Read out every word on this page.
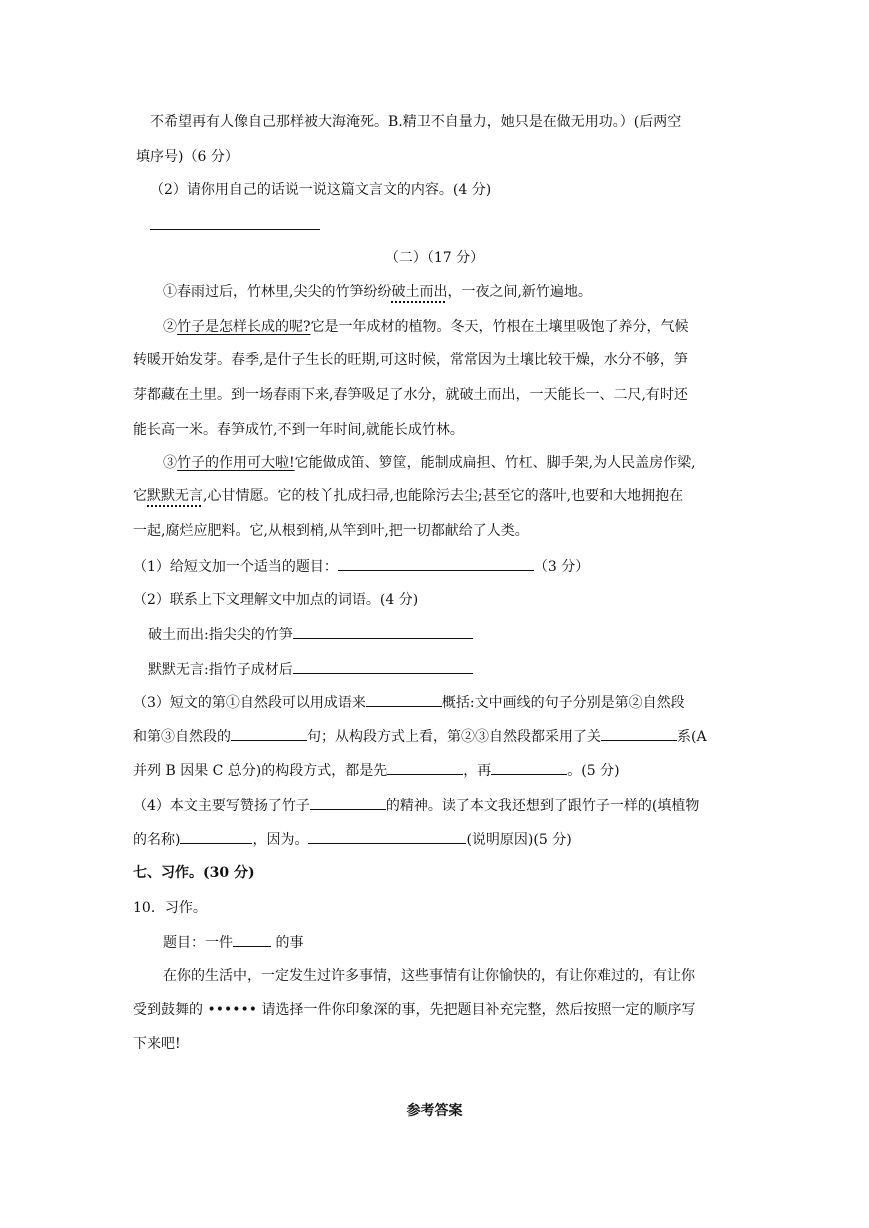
不希望再有人像自己那样被大海淹死。B.精卫不自量力，她只是在做无用功。）(后两空
填序号)（6 分）
（2）请你用自己的话说一说这篇文言文的内容。(4 分)
（二）（17 分）
①春雨过后，竹林里,尖尖的竹笋纷纷破土而出，一夜之间,新竹遍地。
②竹子是怎样长成的呢?它是一年成材的植物。冬天，竹根在土壤里吸饱了养分，气候
转暖开始发芽。春季,是什子生长的旺期,可这时候，常常因为土壤比较干燥，水分不够，笋
芽都藏在土里。到一场春雨下来,春笋吸足了水分，就破土而出，一天能长一、二尺,有时还
能长高一米。春笋成竹,不到一年时间,就能长成竹林。
③竹子的作用可大啦!它能做成笛、箩筐，能制成扁担、竹杠、脚手架,为人民盖房作梁,
它默默无言,心甘情愿。它的枝丫扎成扫帚,也能除污去尘;甚至它的落叶,也要和大地拥抱在
一起,腐烂应肥料。它,从根到梢,从竿到叶,把一切都献给了人类。
（1）给短文加一个适当的题目：	（3 分）
（2）联系上下文理解文中加点的词语。(4 分)
破土而出:指尖尖的竹笋
默默无言:指竹子成材后
（3）短文的第①自然段可以用成语来	概括:文中画线的句子分别是第②自然段
和第③自然段的	句；从构段方式上看，第②③自然段都采用了关	系(A
并列 B 因果 C 总分)的构段方式，都是先	，再	。(5 分)
（4）本文主要写赞扬了竹子	的精神。读了本文我还想到了跟竹子一样的(填植物
的名称)	，因为。	(说明原因)(5 分)
七、习作。(30 分)
10．习作。
题目：一件	的事
在你的生活中，一定发生过许多事情，这些事情有让你愉快的，有让你难过的，有让你
受到鼓舞的 •••••• 请选择一件你印象深的事，先把题目补充完整，然后按照一定的顺序写
下来吧!
参考答案
